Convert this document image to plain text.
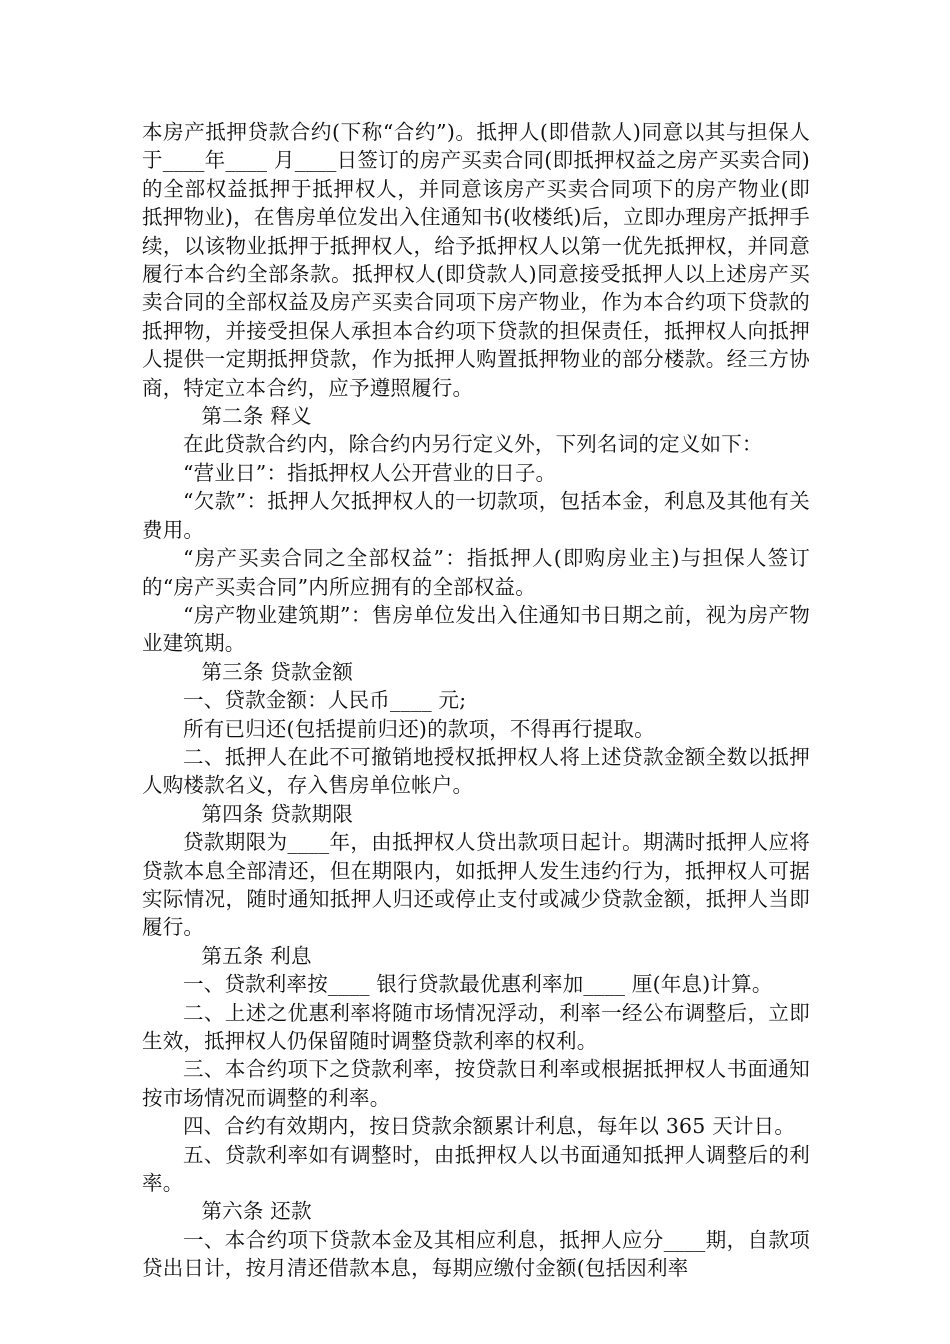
本房产抵押贷款合约(下称“合约”)。抵押人(即借款人)同意以其与担保人于____年____ 月____日签订的房产买卖合同(即抵押权益之房产买卖合同)的全部权益抵押于抵押权人，并同意该房产买卖合同项下的房产物业(即抵押物业)，在售房单位发出入住通知书(收楼纸)后，立即办理房产抵押手续，以该物业抵押于抵押权人，给予抵押权人以第一优先抵押权，并同意履行本合约全部条款。抵押权人(即贷款人)同意接受抵押人以上述房产买卖合同的全部权益及房产买卖合同项下房产物业，作为本合约项下贷款的抵押物，并接受担保人承担本合约项下贷款的担保责任，抵押权人向抵押人提供一定期抵押贷款，作为抵押人购置抵押物业的部分楼款。经三方协商，特定立本合约，应予遵照履行。

第二条 释义

在此贷款合约内，除合约内另行定义外，下列名词的定义如下：

“营业日”：指抵押权人公开营业的日子。

“欠款”：抵押人欠抵押权人的一切款项，包括本金，利息及其他有关费用。

“房产买卖合同之全部权益”：指抵押人(即购房业主)与担保人签订的“房产买卖合同”内所应拥有的全部权益。

“房产物业建筑期”：售房单位发出入住通知书日期之前，视为房产物业建筑期。

第三条 贷款金额

一、贷款金额：人民币____ 元;

所有已归还(包括提前归还)的款项，不得再行提取。

二、抵押人在此不可撤销地授权抵押权人将上述贷款金额全数以抵押人购楼款名义，存入售房单位帐户。

第四条 贷款期限

贷款期限为____年，由抵押权人贷出款项日起计。期满时抵押人应将贷款本息全部清还，但在期限内，如抵押人发生违约行为，抵押权人可据实际情况，随时通知抵押人归还或停止支付或减少贷款金额，抵押人当即履行。

第五条 利息

一、贷款利率按____ 银行贷款最优惠利率加____ 厘(年息)计算。

二、上述之优惠利率将随市场情况浮动，利率一经公布调整后，立即生效，抵押权人仍保留随时调整贷款利率的权利。

三、本合约项下之贷款利率，按贷款日利率或根据抵押权人书面通知按市场情况而调整的利率。

四、合约有效期内，按日贷款余额累计利息，每年以 365 天计日。

五、贷款利率如有调整时，由抵押权人以书面通知抵押人调整后的利率。

第六条 还款

一、本合约项下贷款本金及其相应利息，抵押人应分____期，自款项贷出日计，按月清还借款本息，每期应缴付金额(包括因利率
